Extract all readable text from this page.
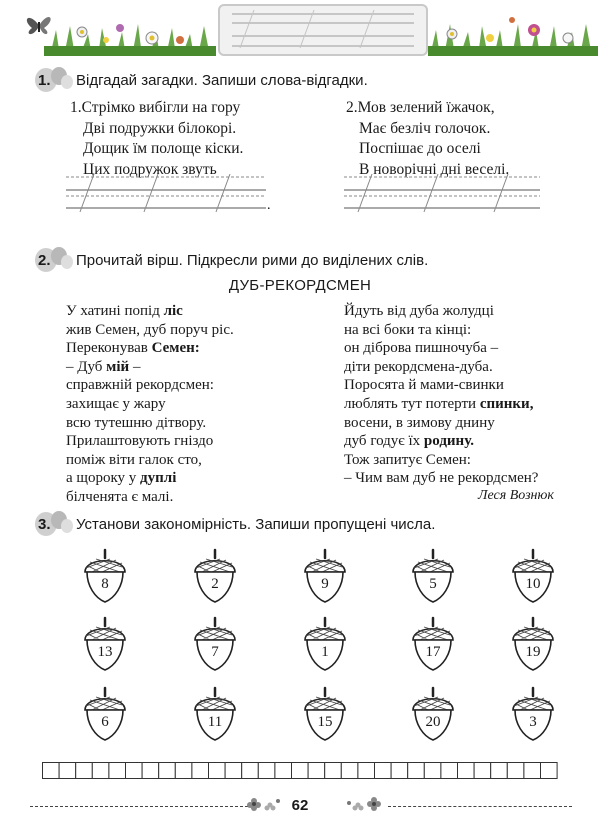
1. Відгадай загадки. Запиши слова-відгадки.
1.Стрімко вибігли на гору
Дві подружки білокорі.
Дощик їм полоще кіски.
Цих подружок звуть
.
2.Мов зелений їжачок,
Має безліч голочок.
Поспішає до оселі
В новорічні дні веселі.
2. Прочитай вірш. Підкресли рими до виділених слів.
ДУБ-РЕКОРДСМЕН
У хатині попід ліс
жив Семен, дуб поруч ріс.
Переконував Семен:
– Дуб мій –
справжній рекордсмен:
захищає у жару
всю тутешню дітвору.
Прилаштовують гніздо
поміж віти галок сто,
а щороку у дуплі
білченята є малі.
Йдуть від дуба жолудці
на всі боки та кінці:
он діброва пишночуба –
діти рекордсмена-дуба.
Поросята й мами-свинки
люблять тут потерти спинки,
восени, в зимову днину
дуб годує їх родину.
Тож запитує Семен:
– Чим вам дуб не рекордсмен?
Леся Вознюк
3. Установи закономірність. Запиши пропущені числа.
8	2	9	5	10
13	7	1	17	19
6	11	15	20	3
62
